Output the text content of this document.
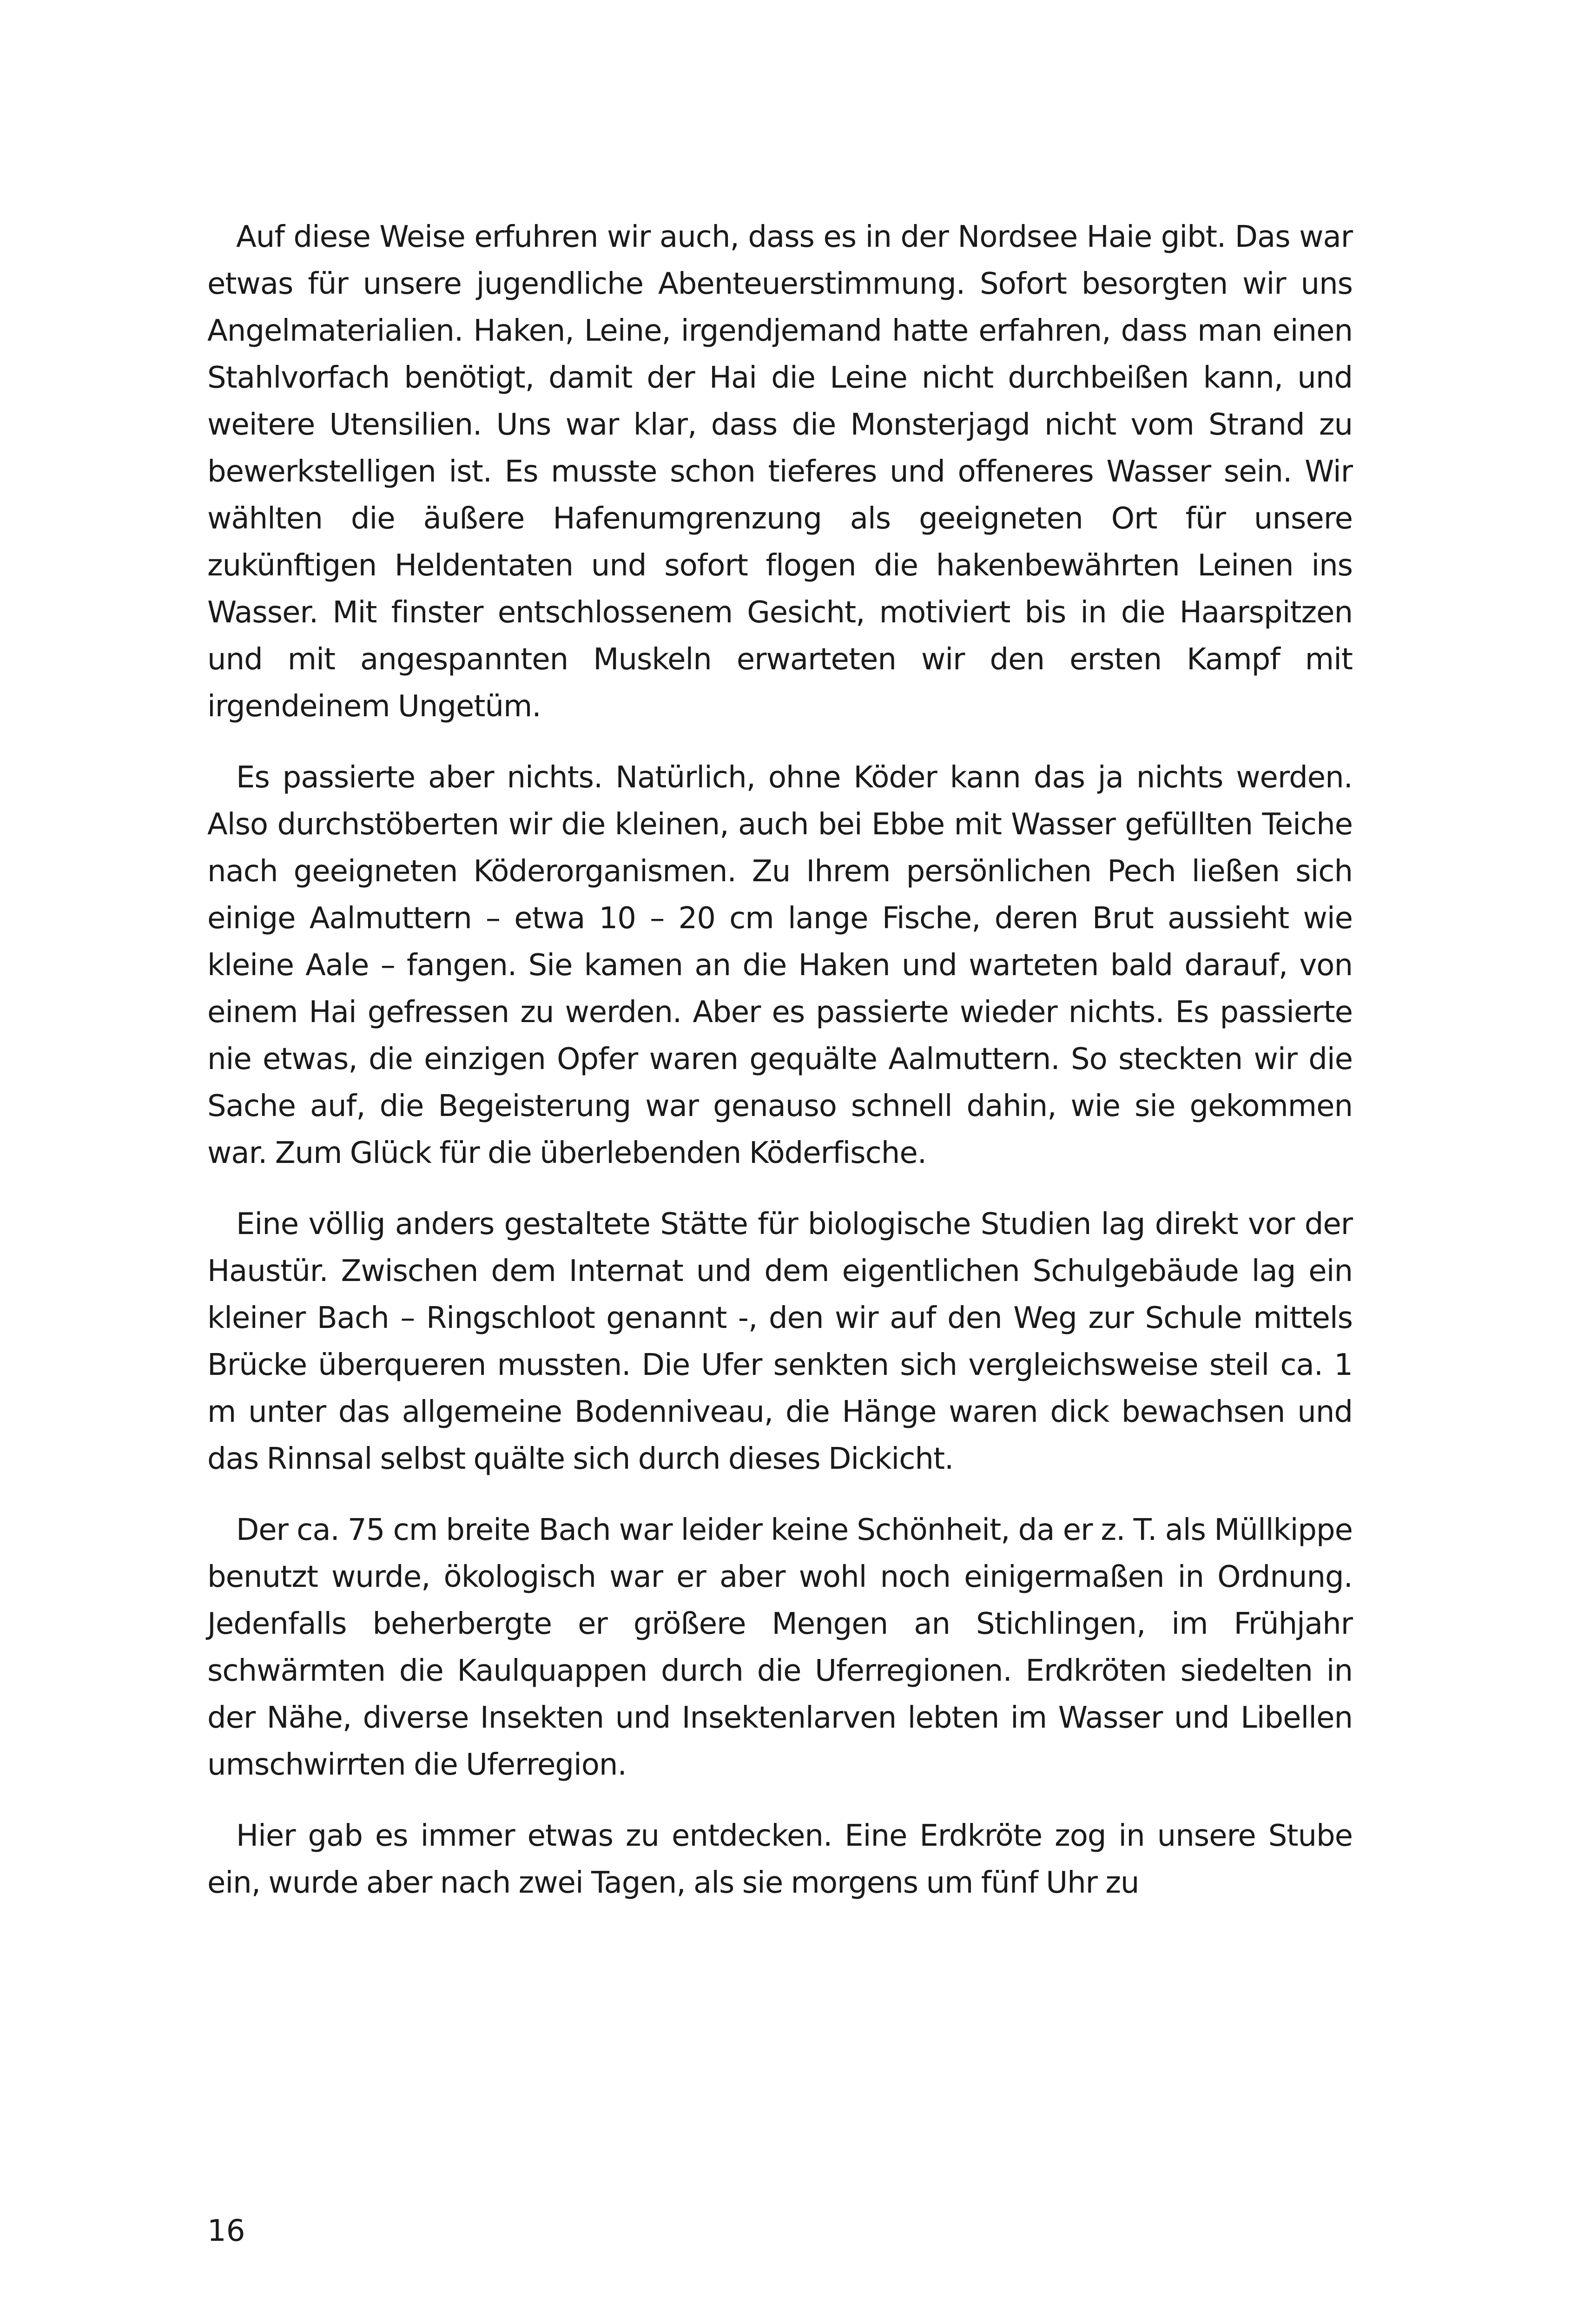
Auf diese Weise erfuhren wir auch, dass es in der Nordsee Haie gibt. Das war etwas für unsere jugendliche Abenteuerstimmung. Sofort besorgten wir uns Angelmaterialien. Haken, Leine, irgendjemand hatte erfahren, dass man einen Stahlvorfach benötigt, damit der Hai die Leine nicht durchbeißen kann, und weitere Utensilien. Uns war klar, dass die Monsterjagd nicht vom Strand zu bewerkstelligen ist. Es musste schon tieferes und offeneres Wasser sein. Wir wählten die äußere Hafenumgrenzung als geeigneten Ort für unsere zukünftigen Heldentaten und sofort flogen die hakenbewährten Leinen ins Wasser. Mit finster entschlossenem Gesicht, motiviert bis in die Haarspitzen und mit angespannten Muskeln erwarteten wir den ersten Kampf mit irgendeinem Ungetüm.

Es passierte aber nichts. Natürlich, ohne Köder kann das ja nichts werden. Also durchstöberten wir die kleinen, auch bei Ebbe mit Wasser gefüllten Teiche nach geeigneten Köderorganismen. Zu Ihrem persönlichen Pech ließen sich einige Aalmuttern – etwa 10 – 20 cm lange Fische, deren Brut aussieht wie kleine Aale – fangen. Sie kamen an die Haken und warteten bald darauf, von einem Hai gefressen zu werden. Aber es passierte wieder nichts. Es passierte nie etwas, die einzigen Opfer waren gequälte Aalmuttern. So steckten wir die Sache auf, die Begeisterung war genauso schnell dahin, wie sie gekommen war. Zum Glück für die überlebenden Köderfische.

Eine völlig anders gestaltete Stätte für biologische Studien lag direkt vor der Haustür. Zwischen dem Internat und dem eigentlichen Schulgebäude lag ein kleiner Bach – Ringschloot genannt -, den wir auf den Weg zur Schule mittels Brücke überqueren mussten. Die Ufer senkten sich vergleichsweise steil ca. 1 m unter das allgemeine Bodenniveau, die Hänge waren dick bewachsen und das Rinnsal selbst quälte sich durch dieses Dickicht.

Der ca. 75 cm breite Bach war leider keine Schönheit, da er z. T. als Müllkippe benutzt wurde, ökologisch war er aber wohl noch einigermaßen in Ordnung. Jedenfalls beherbergte er größere Mengen an Stichlingen, im Frühjahr schwärmten die Kaulquappen durch die Uferregionen. Erdkröten siedelten in der Nähe, diverse Insekten und Insektenlarven lebten im Wasser und Libellen umschwirrten die Uferregion.

Hier gab es immer etwas zu entdecken. Eine Erdkröte zog in unsere Stube ein, wurde aber nach zwei Tagen, als sie morgens um fünf Uhr zu

16
